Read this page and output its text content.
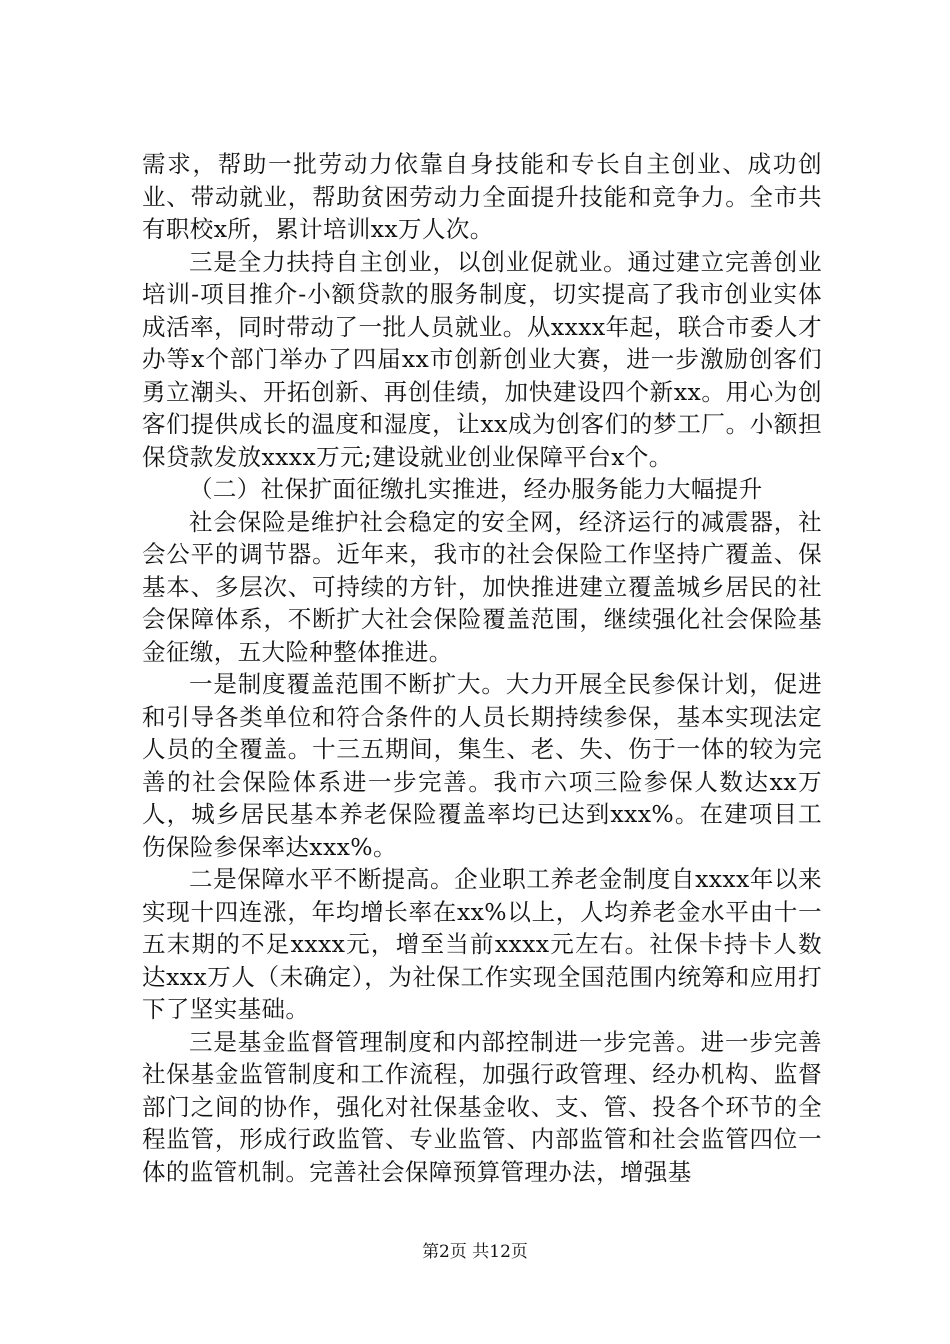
需求，帮助一批劳动力依靠自身技能和专长自主创业、成功创业、带动就业，帮助贫困劳动力全面提升技能和竞争力。全市共有职校x所，累计培训xx万人次。

三是全力扶持自主创业，以创业促就业。通过建立完善创业培训-项目推介-小额贷款的服务制度，切实提高了我市创业实体成活率，同时带动了一批人员就业。从xxxx年起，联合市委人才办等x个部门举办了四届xx市创新创业大赛，进一步激励创客们勇立潮头、开拓创新、再创佳绩，加快建设四个新xx。用心为创客们提供成长的温度和湿度，让xx成为创客们的梦工厂。小额担保贷款发放xxxx万元;建设就业创业保障平台x个。

（二）社保扩面征缴扎实推进，经办服务能力大幅提升

社会保险是维护社会稳定的安全网，经济运行的减震器，社会公平的调节器。近年来，我市的社会保险工作坚持广覆盖、保基本、多层次、可持续的方针，加快推进建立覆盖城乡居民的社会保障体系，不断扩大社会保险覆盖范围，继续强化社会保险基金征缴，五大险种整体推进。

一是制度覆盖范围不断扩大。大力开展全民参保计划，促进和引导各类单位和符合条件的人员长期持续参保，基本实现法定人员的全覆盖。十三五期间，集生、老、失、伤于一体的较为完善的社会保险体系进一步完善。我市六项三险参保人数达xx万人，城乡居民基本养老保险覆盖率均已达到xxx%。在建项目工伤保险参保率达xxx%。

二是保障水平不断提高。企业职工养老金制度自xxxx年以来实现十四连涨，年均增长率在xx%以上，人均养老金水平由十一五末期的不足xxxx元，增至当前xxxx元左右。社保卡持卡人数达xxx万人（未确定），为社保工作实现全国范围内统筹和应用打下了坚实基础。

三是基金监督管理制度和内部控制进一步完善。进一步完善社保基金监管制度和工作流程，加强行政管理、经办机构、监督部门之间的协作，强化对社保基金收、支、管、投各个环节的全程监管，形成行政监管、专业监管、内部监管和社会监管四位一体的监管机制。完善社会保障预算管理办法，增强基

第2页 共12页
